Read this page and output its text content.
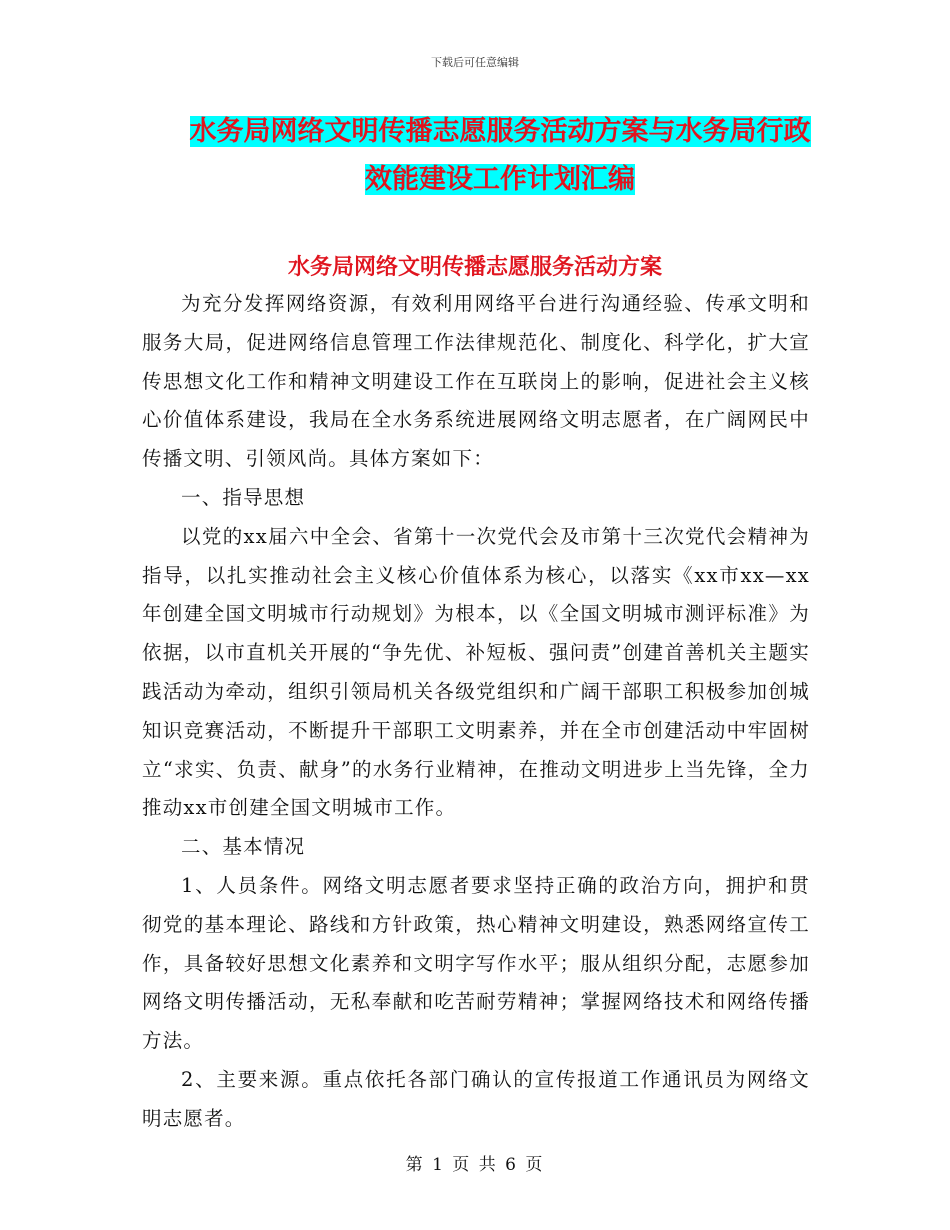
下载后可任意编辑
水务局网络文明传播志愿服务活动方案与水务局行政
效能建设工作计划汇编
水务局网络文明传播志愿服务活动方案

为充分发挥网络资源，有效利用网络平台进行沟通经验、传承文明和服务大局，促进网络信息管理工作法律规范化、制度化、科学化，扩大宣传思想文化工作和精神文明建设工作在互联岗上的影响，促进社会主义核心价值体系建设，我局在全水务系统进展网络文明志愿者，在广阔网民中传播文明、引领风尚。具体方案如下：

一、指导思想

以党的xx届六中全会、省第十一次党代会及市第十三次党代会精神为指导，以扎实推动社会主义核心价值体系为核心，以落实《xx市xx—xx年创建全国文明城市行动规划》为根本，以《全国文明城市测评标准》为依据，以市直机关开展的“争先优、补短板、强问责”创建首善机关主题实践活动为牵动，组织引领局机关各级党组织和广阔干部职工积极参加创城知识竞赛活动，不断提升干部职工文明素养，并在全市创建活动中牢固树立“求实、负责、献身”的水务行业精神，在推动文明进步上当先锋，全力推动xx市创建全国文明城市工作。

二、基本情况

1、人员条件。网络文明志愿者要求坚持正确的政治方向，拥护和贯彻党的基本理论、路线和方针政策，热心精神文明建设，熟悉网络宣传工作，具备较好思想文化素养和文明字写作水平；服从组织分配，志愿参加网络文明传播活动，无私奉献和吃苦耐劳精神；掌握网络技术和网络传播方法。

2、主要来源。重点依托各部门确认的宣传报道工作通讯员为网络文明志愿者。

第 1 页 共 6 页
